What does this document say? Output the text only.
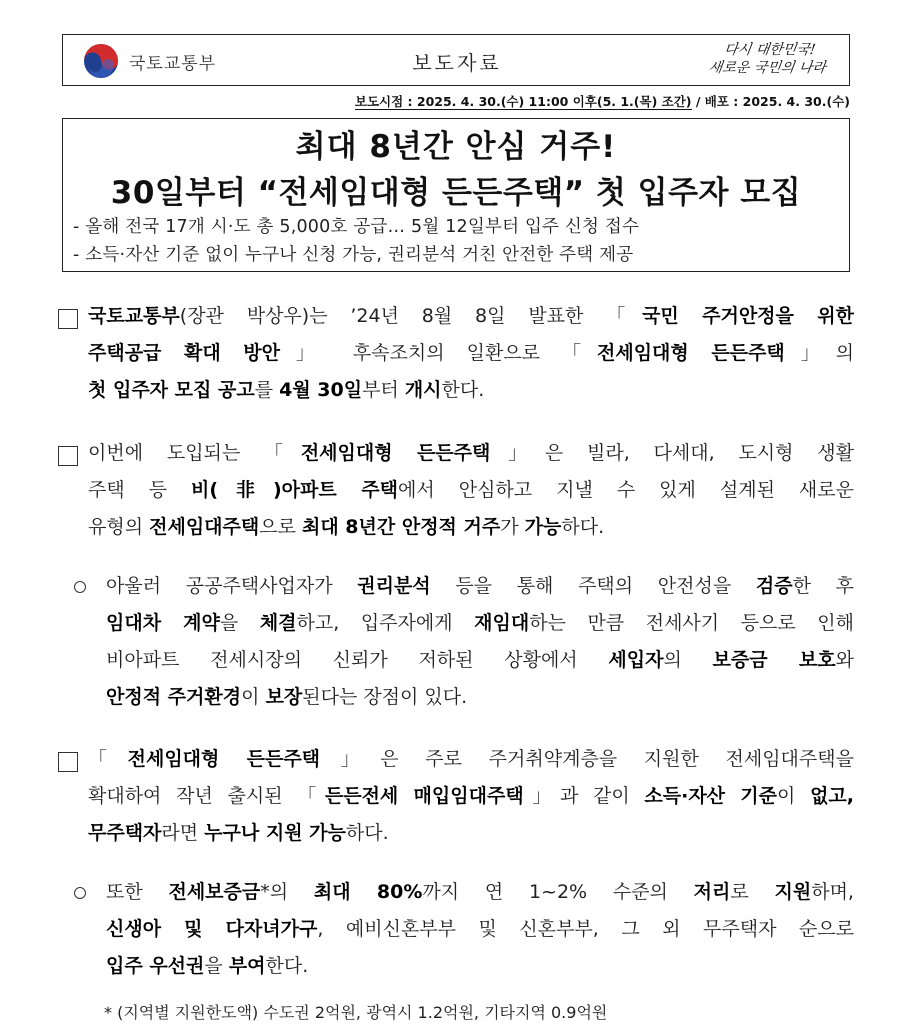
국토교통부	보도자료
다시 대한민국!
새로운 국민의 나라
보도시점 : 2025. 4. 30.(수) 11:00 이후(5. 1.(목) 조간) / 배포 : 2025. 4. 30.(수)
최대 8년간 안심 거주!
30일부터 “전세임대형 든든주택” 첫 입주자 모집
- 올해 전국 17개 시·도 총 5,000호 공급… 5월 12일부터 입주 신청 접수
- 소득·자산 기준 없이 누구나 신청 가능, 권리분석 거친 안전한 주택 제공
국토교통부(장관 박상우)는 ’24년 8월 8일 발표한 「국민 주거안정을 위한
주택공급 확대 방안」 후속조치의 일환으로 「전세임대형 든든주택」의
첫 입주자 모집 공고를 4월 30일부터 개시한다.
이번에 도입되는 「전세임대형 든든주택」은 빌라, 다세대, 도시형 생활
주택 등 비(非)아파트 주택에서 안심하고 지낼 수 있게 설계된 새로운
유형의 전세임대주택으로 최대 8년간 안정적 거주가 가능하다.
아울러 공공주택사업자가 권리분석 등을 통해 주택의 안전성을 검증한 후
임대차 계약을 체결하고, 입주자에게 재임대하는 만큼 전세사기 등으로 인해
비아파트 전세시장의 신뢰가 저하된 상황에서 세입자의 보증금 보호와
안정적 주거환경이 보장된다는 장점이 있다.
「전세임대형 든든주택」은 주로 주거취약계층을 지원한 전세임대주택을
확대하여 작년 출시된 「든든전세 매입임대주택」과 같이 소득·자산 기준이 없고,
무주택자라면 누구나 지원 가능하다.
또한 전세보증금*의 최대 80%까지 연 1~2% 수준의 저리로 지원하며,
신생아 및 다자녀가구, 예비신혼부부 및 신혼부부, 그 외 무주택자 순으로
입주 우선권을 부여한다.
* (지역별 지원한도액) 수도권 2억원, 광역시 1.2억원, 기타지역 0.9억원
